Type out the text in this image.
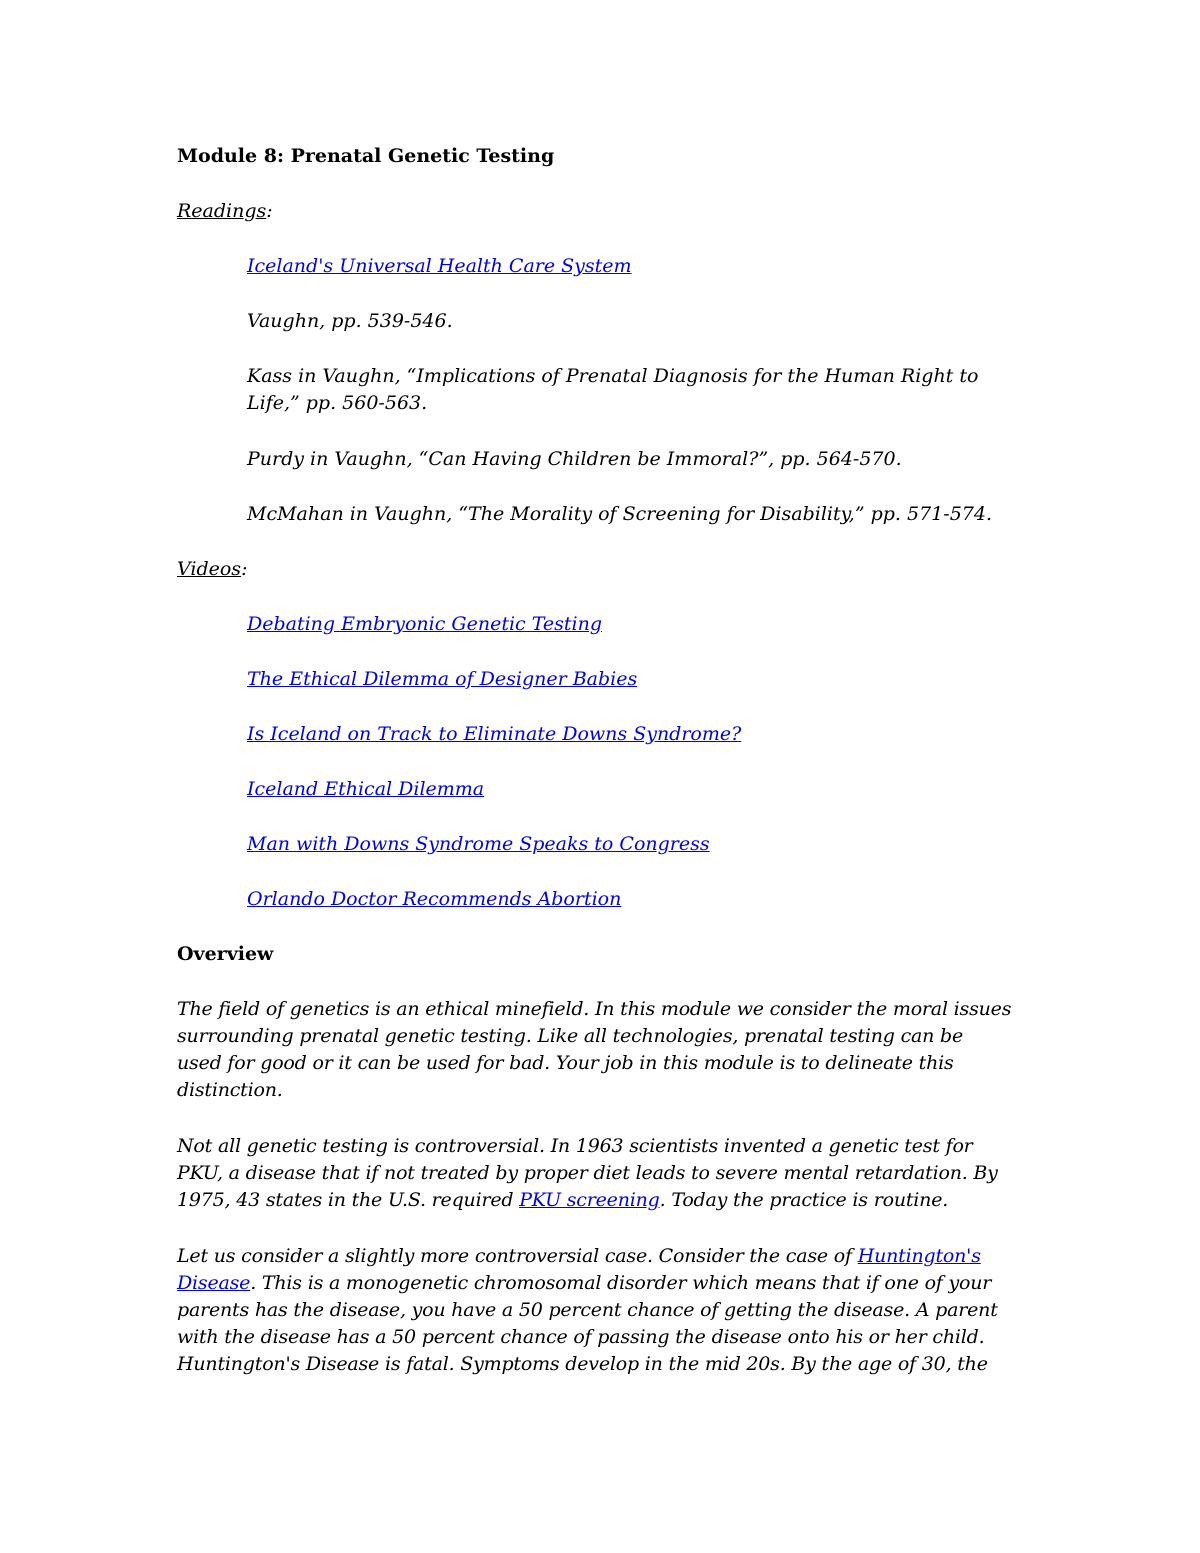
Module 8: Prenatal Genetic Testing

Readings:

Iceland's Universal Health Care System

Vaughn, pp. 539-546.

Kass in Vaughn, “Implications of Prenatal Diagnosis for the Human Right to
Life,” pp. 560-563.

Purdy in Vaughn, “Can Having Children be Immoral?”, pp. 564-570.

McMahan in Vaughn, “The Morality of Screening for Disability,” pp. 571-574.

Videos:

Debating Embryonic Genetic Testing

The Ethical Dilemma of Designer Babies

Is Iceland on Track to Eliminate Downs Syndrome?

Iceland Ethical Dilemma

Man with Downs Syndrome Speaks to Congress

Orlando Doctor Recommends Abortion

Overview

The field of genetics is an ethical minefield. In this module we consider the moral issues
surrounding prenatal genetic testing. Like all technologies, prenatal testing can be
used for good or it can be used for bad. Your job in this module is to delineate this
distinction.

Not all genetic testing is controversial. In 1963 scientists invented a genetic test for
PKU, a disease that if not treated by proper diet leads to severe mental retardation. By
1975, 43 states in the U.S. required PKU screening. Today the practice is routine.

Let us consider a slightly more controversial case. Consider the case of Huntington's
Disease. This is a monogenetic chromosomal disorder which means that if one of your
parents has the disease, you have a 50 percent chance of getting the disease. A parent
with the disease has a 50 percent chance of passing the disease onto his or her child.
Huntington's Disease is fatal. Symptoms develop in the mid 20s. By the age of 30, the
